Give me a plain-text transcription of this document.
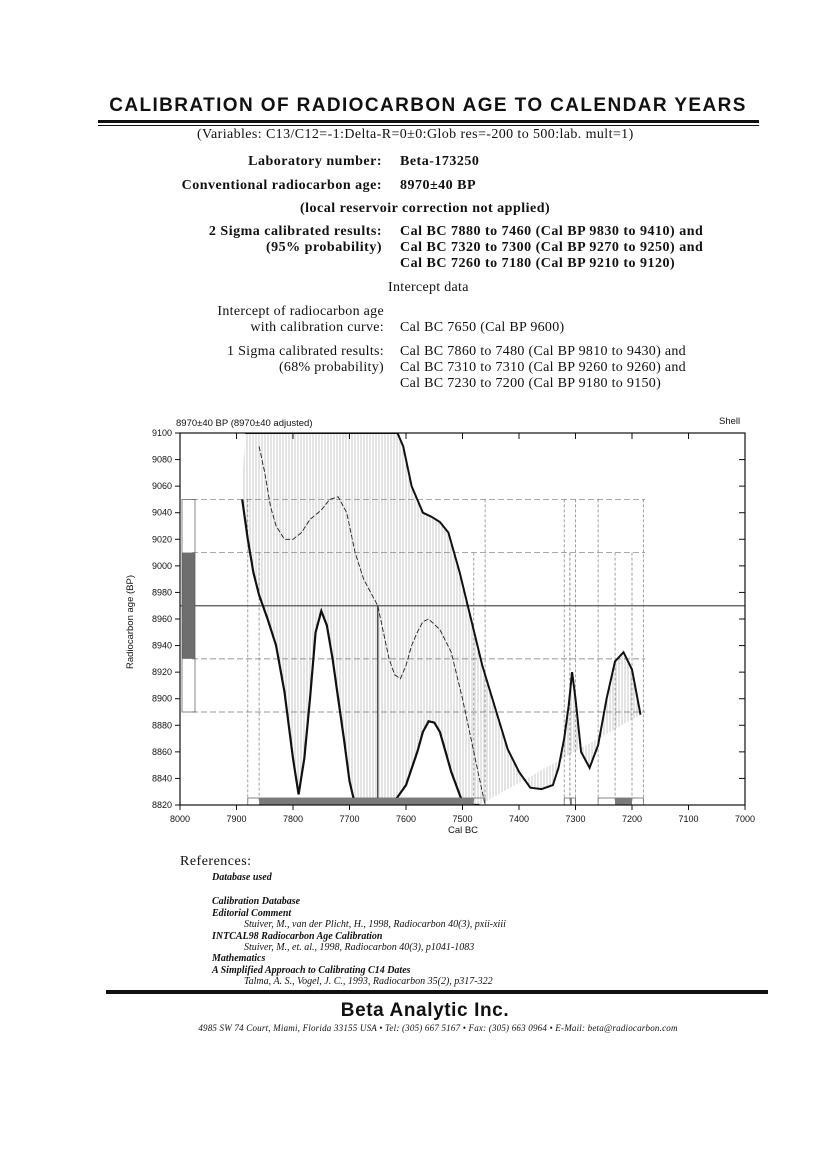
CALIBRATION OF RADIOCARBON AGE TO CALENDAR YEARS
(Variables: C13/C12=-1:Delta-R=0±0:Glob res=-200 to 500:lab. mult=1)
Laboratory number: Beta-173250
Conventional radiocarbon age: 8970±40 BP
(local reservoir correction not applied)
2 Sigma calibrated results:
(95% probability)
Cal BC 7880 to 7460 (Cal BP 9830 to 9410) and
Cal BC 7320 to 7300 (Cal BP 9270 to 9250) and
Cal BC 7260 to 7180 (Cal BP 9210 to 9120)
Intercept data
Intercept of radiocarbon age
with calibration curve: Cal BC 7650 (Cal BP 9600)
1 Sigma calibrated results:
(68% probability)
Cal BC 7860 to 7480 (Cal BP 9810 to 9430) and
Cal BC 7310 to 7310 (Cal BP 9260 to 9260) and
Cal BC 7230 to 7200 (Cal BP 9180 to 9150)
8970±40 BP (8970±40 adjusted)	Shell
Cal BC
Radiocarbon age (BP)
8000	7900	7800	7700	7600	7500	7400	7300	7200	7100	7000
8820
8840
8860
8880
8900
8920
8940
8960
8980
9000
9020
9040
9060
9080
9100
References:
Database used
Calibration Database
Editorial Comment
Stuiver, M., van der Plicht, H., 1998, Radiocarbon 40(3), pxii-xiii
INTCAL98 Radiocarbon Age Calibration
Stuiver, M., et. al., 1998, Radiocarbon 40(3), p1041-1083
Mathematics
A Simplified Approach to Calibrating C14 Dates
Talma, A. S., Vogel, J. C., 1993, Radiocarbon 35(2), p317-322
Beta Analytic Inc.
4985 SW 74 Court, Miami, Florida 33155 USA • Tel: (305) 667 5167 • Fax: (305) 663 0964 • E-Mail: beta@radiocarbon.com
